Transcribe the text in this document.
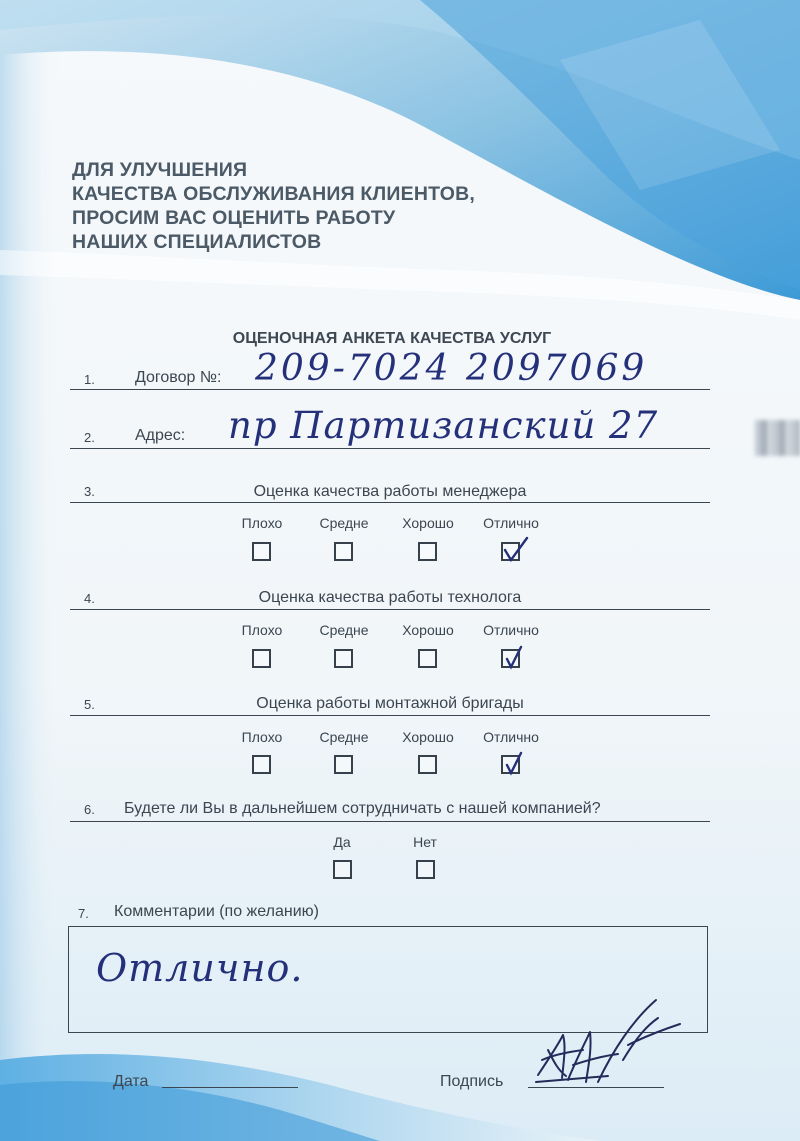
ДЛЯ УЛУЧШЕНИЯ
КАЧЕСТВА ОБСЛУЖИВАНИЯ КЛИЕНТОВ,
ПРОСИМ ВАС ОЦЕНИТЬ РАБОТУ
НАШИХ СПЕЦИАЛИСТОВ
ОЦЕНОЧНАЯ АНКЕТА КАЧЕСТВА УСЛУГ
1.	Договор №: 209-7024 2097069
2.	Адрес: пр Партизанский 27
3.	Оценка качества работы менеджера
Плохо	Средне	Хорошо	Отлично
4.	Оценка качества работы технолога
Плохо	Средне	Хорошо	Отлично
5.	Оценка работы монтажной бригады
Плохо	Средне	Хорошо	Отлично
6. Будете ли Вы в дальнейшем сотрудничать с нашей компанией?
Да	Нет
7. Комментарии (по желанию)
Отлично.
Дата	Подпись
